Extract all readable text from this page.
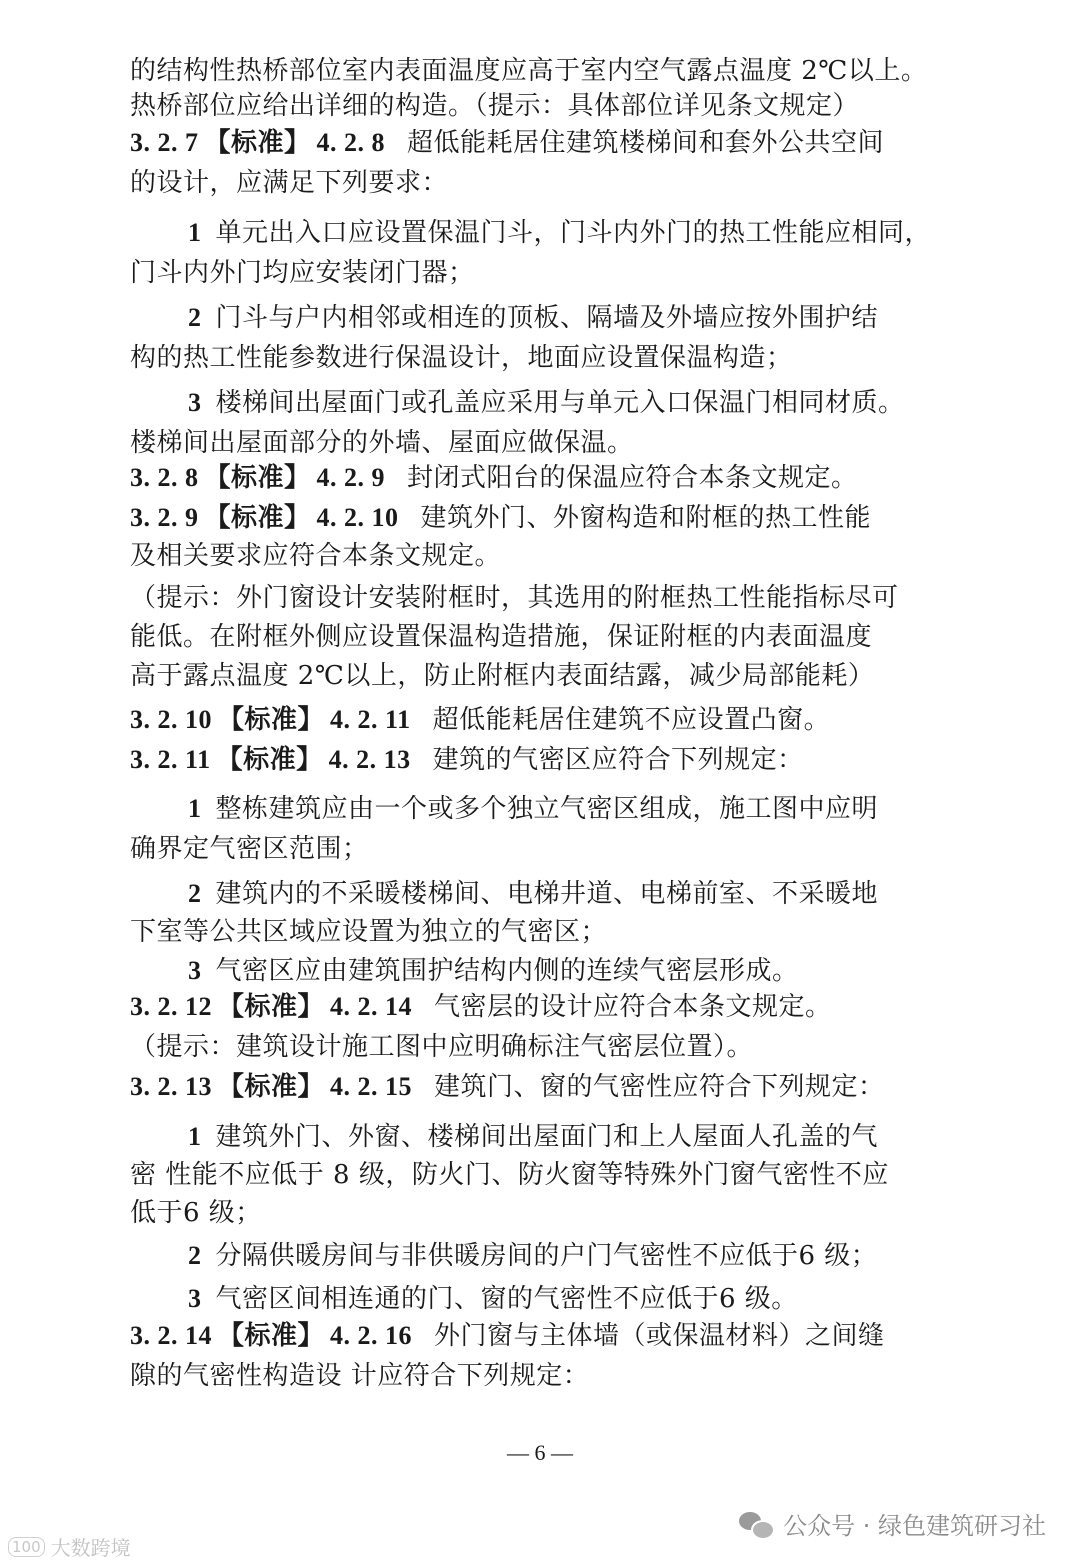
的结构性热桥部位室内表面温度应高于室内空气露点温度 2℃以上。
热桥部位应给出详细的构造。（提示：具体部位详见条文规定）
3. 2. 7 【标准】 4. 2. 8 超低能耗居住建筑楼梯间和套外公共空间
的设计，应满足下列要求：
1 单元出入口应设置保温门斗，门斗内外门的热工性能应相同，
门斗内外门均应安装闭门器；
2 门斗与户内相邻或相连的顶板、隔墙及外墙应按外围护结
构的热工性能参数进行保温设计，地面应设置保温构造；
3 楼梯间出屋面门或孔盖应采用与单元入口保温门相同材质。
楼梯间出屋面部分的外墙、屋面应做保温。
3. 2. 8 【标准】 4. 2. 9 封闭式阳台的保温应符合本条文规定。
3. 2. 9 【标准】 4. 2. 10 建筑外门、外窗构造和附框的热工性能
及相关要求应符合本条文规定。
（提示：外门窗设计安装附框时，其选用的附框热工性能指标尽可
能低。在附框外侧应设置保温构造措施，保证附框的内表面温度
高于露点温度 2℃以上，防止附框内表面结露，减少局部能耗）
3. 2. 10 【标准】 4. 2. 11 超低能耗居住建筑不应设置凸窗。
3. 2. 11 【标准】 4. 2. 13 建筑的气密区应符合下列规定：
1 整栋建筑应由一个或多个独立气密区组成，施工图中应明
确界定气密区范围；
2 建筑内的不采暖楼梯间、电梯井道、电梯前室、不采暖地
下室等公共区域应设置为独立的气密区；
3 气密区应由建筑围护结构内侧的连续气密层形成。
3. 2. 12 【标准】 4. 2. 14 气密层的设计应符合本条文规定。
（提示：建筑设计施工图中应明确标注气密层位置）。
3. 2. 13 【标准】 4. 2. 15 建筑门、窗的气密性应符合下列规定：
1 建筑外门、外窗、楼梯间出屋面门和上人屋面人孔盖的气
密 性能不应低于 8 级，防火门、防火窗等特殊外门窗气密性不应
低于6 级；
2 分隔供暖房间与非供暖房间的户门气密性不应低于6 级；
3 气密区间相连通的门、窗的气密性不应低于6 级。
3. 2. 14 【标准】 4. 2. 16 外门窗与主体墙（或保温材料）之间缝
隙的气密性构造设 计应符合下列规定：
— 6 —
公众号 · 绿色建筑研习社
100 大数跨境
